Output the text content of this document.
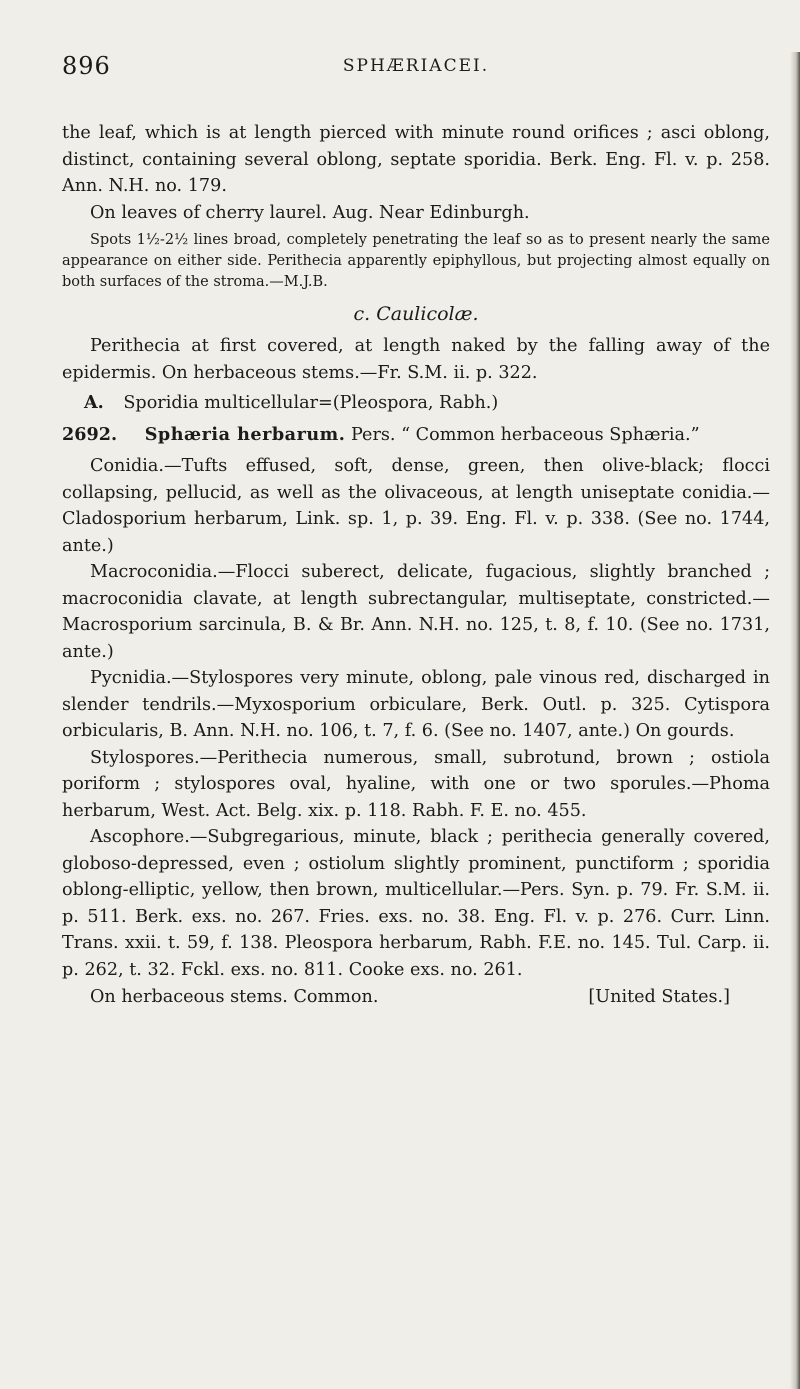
896	SPHÆRIACEI.

the leaf, which is at length pierced with minute round orifices ; asci oblong, distinct, containing several oblong, septate sporidia. Berk. Eng. Fl. v. p. 258. Ann. N.H. no. 179.

On leaves of cherry laurel. Aug. Near Edinburgh.

Spots 1½-2½ lines broad, completely penetrating the leaf so as to present nearly the same appearance on either side. Perithecia apparently epiphyllous, but projecting almost equally on both surfaces of the stroma.—M.J.B.

c. Caulicolæ.

Perithecia at first covered, at length naked by the falling away of the epidermis. On herbaceous stems.—Fr. S.M. ii. p. 322.

A. Sporidia multicellular=(Pleospora, Rabh.)
2692. Sphæria herbarum. Pers. “ Common herbaceous Sphæria.”

Conidia.—Tufts effused, soft, dense, green, then olive-black; flocci collapsing, pellucid, as well as the olivaceous, at length uniseptate conidia.—Cladosporium herbarum, Link. sp. 1, p. 39. Eng. Fl. v. p. 338. (See no. 1744, ante.)

Macroconidia.—Flocci suberect, delicate, fugacious, slightly branched ; macroconidia clavate, at length subrectangular, multiseptate, constricted.—Macrosporium sarcinula, B. & Br. Ann. N.H. no. 125, t. 8, f. 10. (See no. 1731, ante.)

Pycnidia.—Stylospores very minute, oblong, pale vinous red, discharged in slender tendrils.—Myxosporium orbiculare, Berk. Outl. p. 325. Cytispora orbicularis, B. Ann. N.H. no. 106, t. 7, f. 6. (See no. 1407, ante.) On gourds.

Stylospores.—Perithecia numerous, small, subrotund, brown ; ostiola poriform ; stylospores oval, hyaline, with one or two sporules.—Phoma herbarum, West. Act. Belg. xix. p. 118. Rabh. F. E. no. 455.

Ascophore.—Subgregarious, minute, black ; perithecia generally covered, globoso-depressed, even ; ostiolum slightly prominent, punctiform ; sporidia oblong-elliptic, yellow, then brown, multicellular.—Pers. Syn. p. 79. Fr. S.M. ii. p. 511. Berk. exs. no. 267. Fries. exs. no. 38. Eng. Fl. v. p. 276. Curr. Linn. Trans. xxii. t. 59, f. 138. Pleospora herbarum, Rabh. F.E. no. 145. Tul. Carp. ii. p. 262, t. 32. Fckl. exs. no. 811. Cooke exs. no. 261.

On herbaceous stems. Common.	[United States.]
